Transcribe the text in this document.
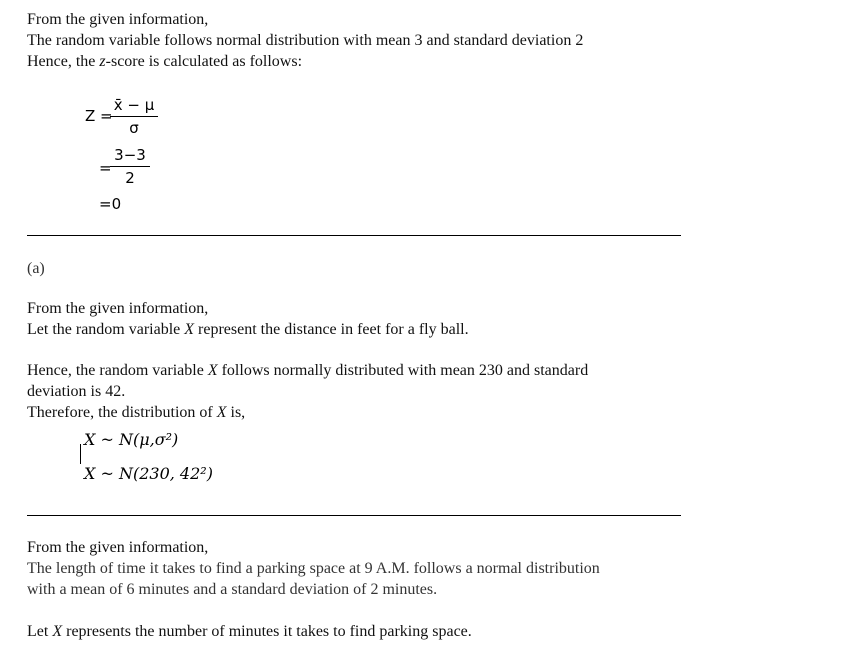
From the given information,
The random variable follows normal distribution with mean 3 and standard deviation 2
Hence, the z-score is calculated as follows:
Z =
x̄ − μ
σ
=
3−3
2
=0
(a)
From the given information,
Let the random variable X represent the distance in feet for a fly ball.
Hence, the random variable X follows normally distributed with mean 230 and standard
deviation is 42.
Therefore, the distribution of X is,
X ~ N(μ,σ²)
X ~ N(230, 42²)
From the given information,
The length of time it takes to find a parking space at 9 A.M. follows a normal distribution
with a mean of 6 minutes and a standard deviation of 2 minutes.
Let X represents the number of minutes it takes to find parking space.
